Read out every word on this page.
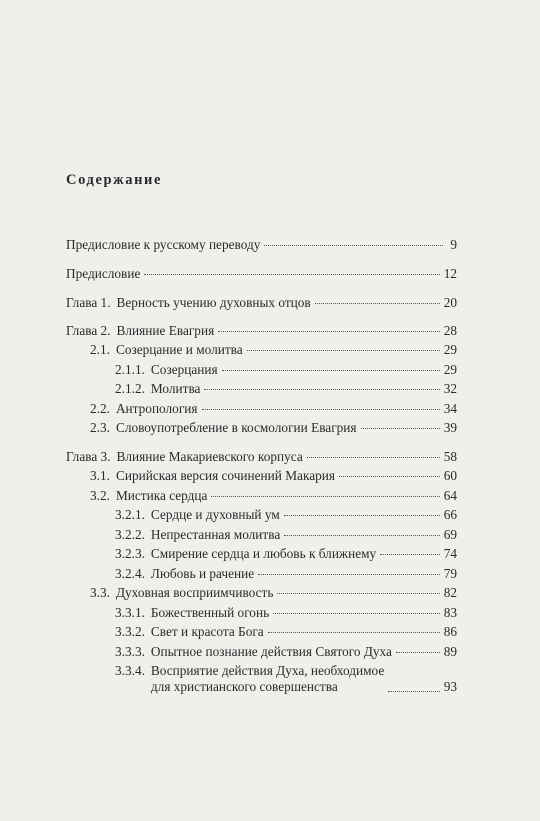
Содержание
Предисловие к русскому переводу	9
Предисловие	12
Глава 1. Верность учению духовных отцов	20
Глава 2. Влияние Евагрия	28
2.1. Созерцание и молитва	29
2.1.1. Созерцания	29
2.1.2. Молитва	32
2.2. Антропология	34
2.3. Словоупотребление в космологии Евагрия	39
Глава 3. Влияние Макариевского корпуса	58
3.1. Сирийская версия сочинений Макария	60
3.2. Мистика сердца	64
3.2.1. Сердце и духовный ум	66
3.2.2. Непрестанная молитва	69
3.2.3. Смирение сердца и любовь к ближнему	74
3.2.4. Любовь и рачение	79
3.3. Духовная восприимчивость	82
3.3.1. Божественный огонь	83
3.3.2. Свет и красота Бога	86
3.3.3. Опытное познание действия Святого Духа	89
3.3.4. Восприятие действия Духа, необходимое
для христианского совершенства	93
